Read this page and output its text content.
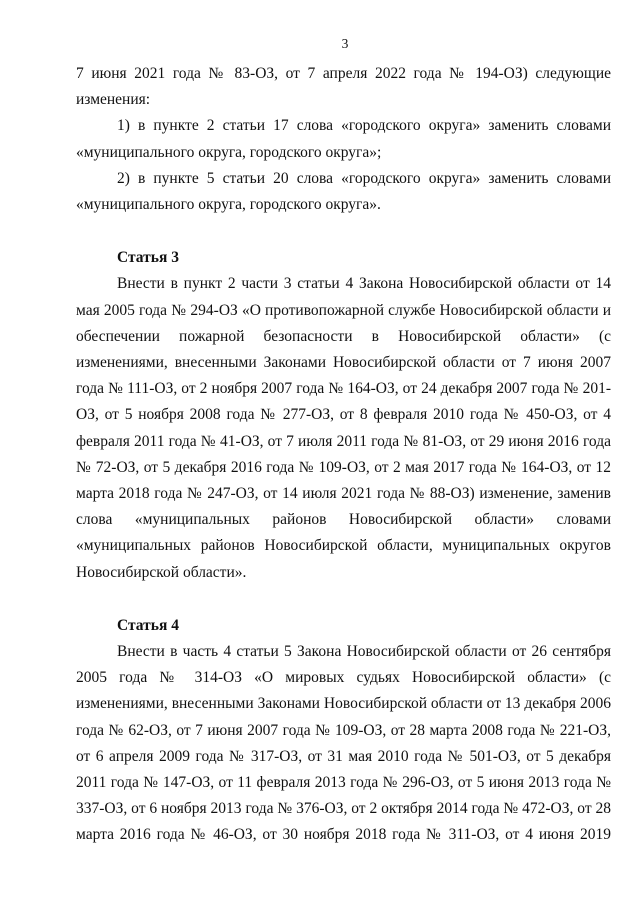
3

7 июня 2021 года № 83-ОЗ, от 7 апреля 2022 года № 194-ОЗ) следующие изменения:

1) в пункте 2 статьи 17 слова «городского округа» заменить словами «муниципального округа, городского округа»;

2) в пункте 5 статьи 20 слова «городского округа» заменить словами «муниципального округа, городского округа».

Статья 3

Внести в пункт 2 части 3 статьи 4 Закона Новосибирской области от 14 мая 2005 года № 294-ОЗ «О противопожарной службе Новосибирской области и обеспечении пожарной безопасности в Новосибирской области» (с изменениями, внесенными Законами Новосибирской области от 7 июня 2007 года № 111-ОЗ, от 2 ноября 2007 года № 164-ОЗ, от 24 декабря 2007 года № 201-ОЗ, от 5 ноября 2008 года № 277-ОЗ, от 8 февраля 2010 года № 450-ОЗ, от 4 февраля 2011 года № 41-ОЗ, от 7 июля 2011 года № 81-ОЗ, от 29 июня 2016 года № 72-ОЗ, от 5 декабря 2016 года № 109-ОЗ, от 2 мая 2017 года № 164-ОЗ, от 12 марта 2018 года № 247-ОЗ, от 14 июля 2021 года № 88-ОЗ) изменение, заменив слова «муниципальных районов Новосибирской области» словами «муниципальных районов Новосибирской области, муниципальных округов Новосибирской области».

Статья 4

Внести в часть 4 статьи 5 Закона Новосибирской области от 26 сентября 2005 года № 314-ОЗ «О мировых судьях Новосибирской области» (с изменениями, внесенными Законами Новосибирской области от 13 декабря 2006 года № 62-ОЗ, от 7 июня 2007 года № 109-ОЗ, от 28 марта 2008 года № 221-ОЗ, от 6 апреля 2009 года № 317-ОЗ, от 31 мая 2010 года № 501-ОЗ, от 5 декабря 2011 года № 147-ОЗ, от 11 февраля 2013 года № 296-ОЗ, от 5 июня 2013 года № 337-ОЗ, от 6 ноября 2013 года № 376-ОЗ, от 2 октября 2014 года № 472-ОЗ, от 28 марта 2016 года № 46-ОЗ, от 30 ноября 2018 года № 311-ОЗ, от 4 июня 2019
